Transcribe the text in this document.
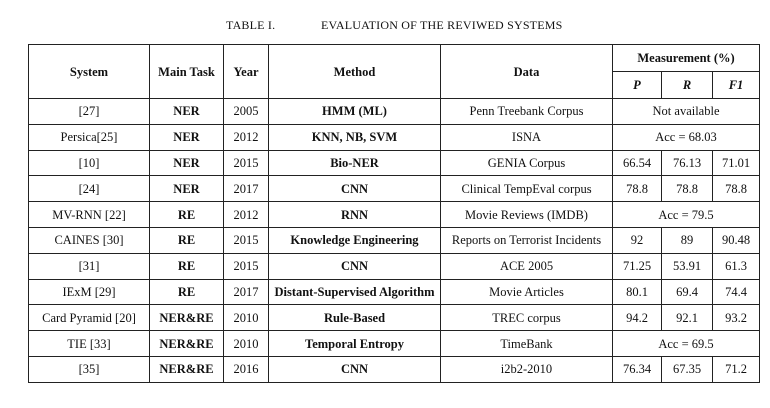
TABLE I.	EVALUATION OF THE REVIWED SYSTEMS
System	Main Task	Year	Method	Data	Measurement (%)		
					P	R	F1
[27]	NER	2005	HMM (ML)	Penn Treebank Corpus	Not available		
Persica[25]	NER	2012	KNN, NB, SVM	ISNA	Acc = 68.03		
[10]	NER	2015	Bio-NER	GENIA Corpus	66.54	76.13	71.01
[24]	NER	2017	CNN	Clinical TempEval corpus	78.8	78.8	78.8
MV-RNN [22]	RE	2012	RNN	Movie Reviews (IMDB)	Acc = 79.5		
CAINES [30]	RE	2015	Knowledge Engineering	Reports on Terrorist Incidents	92	89	90.48
[31]	RE	2015	CNN	ACE 2005	71.25	53.91	61.3
IExM [29]	RE	2017	Distant-Supervised Algorithm	Movie Articles	80.1	69.4	74.4
Card Pyramid [20]	NER&RE	2010	Rule-Based	TREC corpus	94.2	92.1	93.2
TIE [33]	NER&RE	2010	Temporal Entropy	TimeBank	Acc = 69.5		
[35]	NER&RE	2016	CNN	i2b2-2010	76.34	67.35	71.2
